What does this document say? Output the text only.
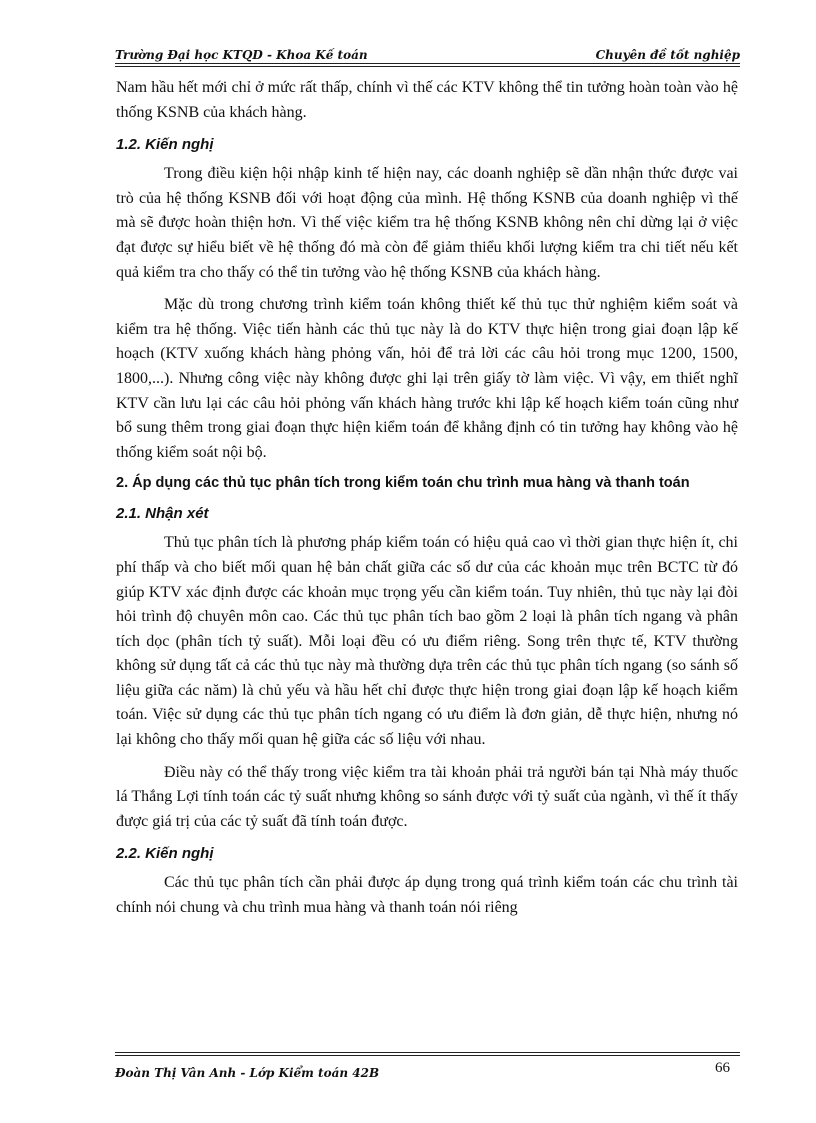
Trường Đại học KTQD - Khoa Kế toán	Chuyên đề tốt nghiệp

Nam hầu hết mới chỉ ở mức rất thấp, chính vì thế các KTV không thể tin tưởng hoàn toàn vào hệ thống KSNB của khách hàng.

1.2. Kiến nghị

Trong điều kiện hội nhập kinh tế hiện nay, các doanh nghiệp sẽ dần nhận thức được vai trò của hệ thống KSNB đối với hoạt động của mình. Hệ thống KSNB của doanh nghiệp vì thế mà sẽ được hoàn thiện hơn. Vì thế việc kiểm tra hệ thống KSNB không nên chỉ dừng lại ở việc đạt được sự hiểu biết về hệ thống đó mà còn để giảm thiểu khối lượng kiểm tra chi tiết nếu kết quả kiểm tra cho thấy có thể tin tưởng vào hệ thống KSNB của khách hàng.

Mặc dù trong chương trình kiểm toán không thiết kế thủ tục thử nghiệm kiểm soát và kiểm tra hệ thống. Việc tiến hành các thủ tục này là do KTV thực hiện trong giai đoạn lập kế hoạch (KTV xuống khách hàng phỏng vấn, hỏi để trả lời các câu hỏi trong mục 1200, 1500, 1800,...). Nhưng công việc này không được ghi lại trên giấy tờ làm việc. Vì vậy, em thiết nghĩ KTV cần lưu lại các câu hỏi phỏng vấn khách hàng trước khi lập kế hoạch kiểm toán cũng như bổ sung thêm trong giai đoạn thực hiện kiểm toán để khẳng định có tin tưởng hay không vào hệ thống kiểm soát nội bộ.

2. Áp dụng các thủ tục phân tích trong kiểm toán chu trình mua hàng và thanh toán
2.1. Nhận xét

Thủ tục phân tích là phương pháp kiểm toán có hiệu quả cao vì thời gian thực hiện ít, chi phí thấp và cho biết mối quan hệ bản chất giữa các số dư của các khoản mục trên BCTC từ đó giúp KTV xác định được các khoản mục trọng yếu cần kiểm toán. Tuy nhiên, thủ tục này lại đòi hỏi trình độ chuyên môn cao. Các thủ tục phân tích bao gồm 2 loại là phân tích ngang và phân tích dọc (phân tích tỷ suất). Mỗi loại đều có ưu điểm riêng. Song trên thực tế, KTV thường không sử dụng tất cả các thủ tục này mà thường dựa trên các thủ tục phân tích ngang (so sánh số liệu giữa các năm) là chủ yếu và hầu hết chỉ được thực hiện trong giai đoạn lập kế hoạch kiểm toán. Việc sử dụng các thủ tục phân tích ngang có ưu điểm là đơn giản, dễ thực hiện, nhưng nó lại không cho thấy mối quan hệ giữa các số liệu với nhau.

Điều này có thể thấy trong việc kiểm tra tài khoản phải trả người bán tại Nhà máy thuốc lá Thắng Lợi tính toán các tỷ suất nhưng không so sánh được với tỷ suất của ngành, vì thế ít thấy được giá trị của các tỷ suất đã tính toán được.

2.2. Kiến nghị

Các thủ tục phân tích cần phải được áp dụng trong quá trình kiểm toán các chu trình tài chính nói chung và chu trình mua hàng và thanh toán nói riêng

Đoàn Thị Vân Anh - Lớp Kiểm toán 42B	66
